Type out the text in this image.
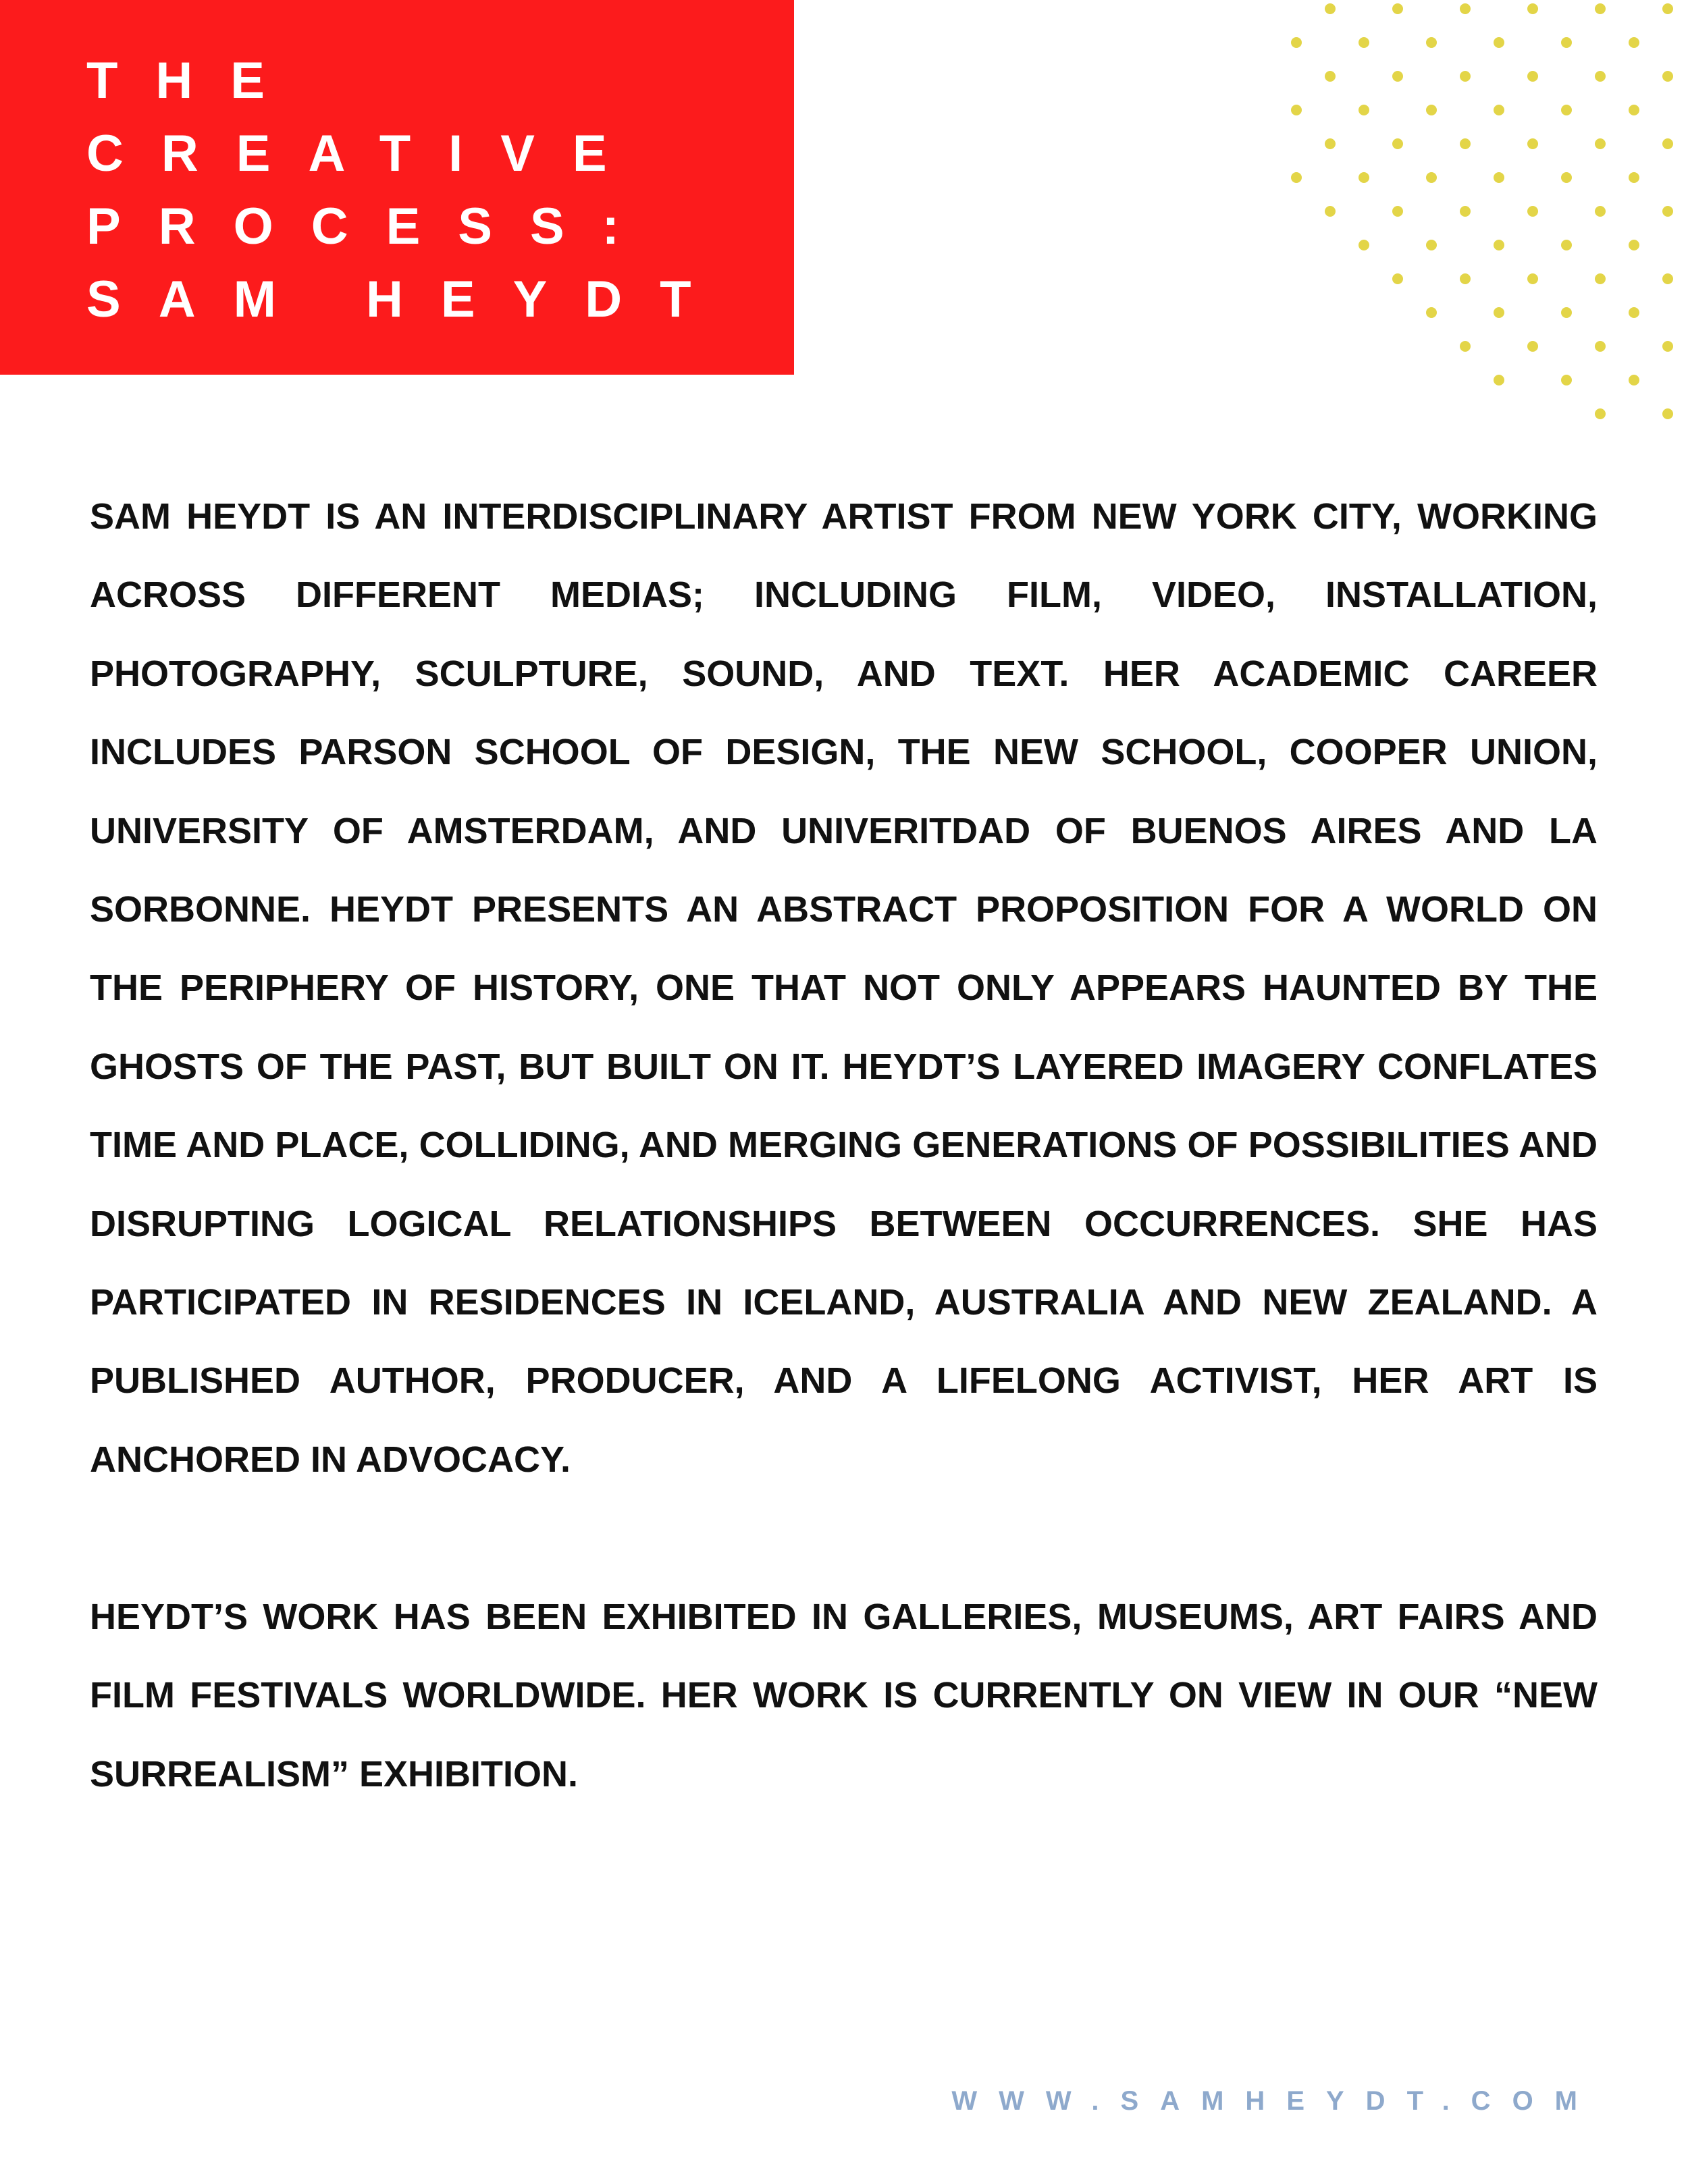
THE

CREATIVE

PROCESS:

SAM HEYDT

SAM HEYDT IS AN INTERDISCIPLINARY ARTIST FROM NEW YORK CITY, WORKING ACROSS DIFFERENT MEDIAS; INCLUDING FILM, VIDEO, INSTALLATION, PHOTOGRAPHY, SCULPTURE, SOUND, AND TEXT. HER ACADEMIC CAREER INCLUDES PARSON SCHOOL OF DESIGN, THE NEW SCHOOL, COOPER UNION, UNIVERSITY OF AMSTERDAM, AND UNIVERITDAD OF BUENOS AIRES AND LA SORBONNE. HEYDT PRESENTS AN ABSTRACT PROPOSITION FOR A WORLD ON THE PERIPHERY OF HISTORY, ONE THAT NOT ONLY APPEARS HAUNTED BY THE GHOSTS OF THE PAST, BUT BUILT ON IT. HEYDT’S LAYERED IMAGERY CONFLATES TIME AND PLACE, COLLIDING, AND MERGING GENERATIONS OF POSSIBILITIES AND DISRUPTING LOGICAL RELATIONSHIPS BETWEEN OCCURRENCES. SHE HAS PARTICIPATED IN RESIDENCES IN ICELAND, AUSTRALIA AND NEW ZEALAND. A PUBLISHED AUTHOR, PRODUCER, AND A LIFELONG ACTIVIST, HER ART IS ANCHORED IN ADVOCACY.

HEYDT’S WORK HAS BEEN EXHIBITED IN GALLERIES, MUSEUMS, ART FAIRS AND FILM FESTIVALS WORLDWIDE. HER WORK IS CURRENTLY ON VIEW IN OUR “NEW SURREALISM” EXHIBITION.

WWW.SAMHEYDT.COM
